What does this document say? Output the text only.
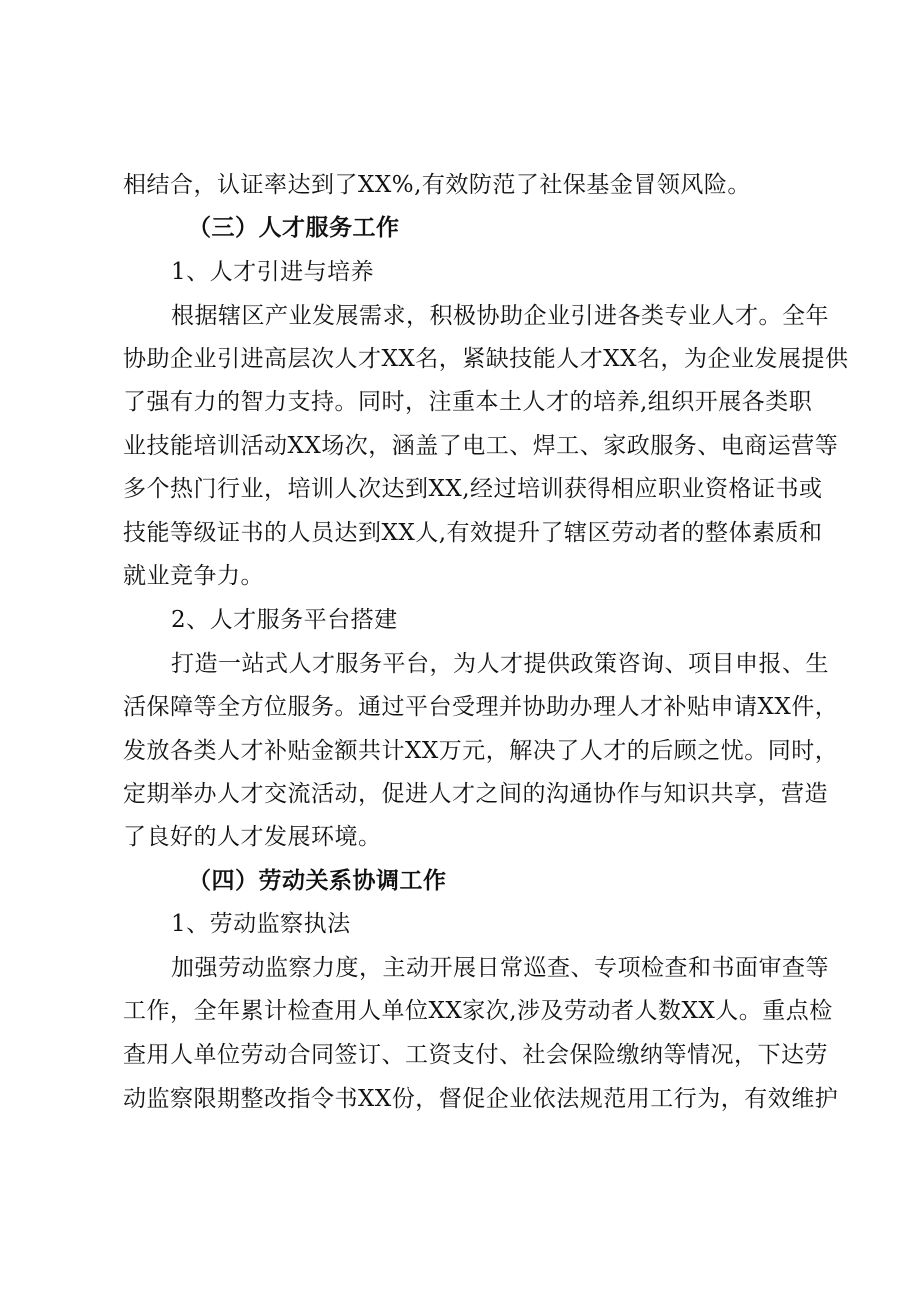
相结合，认证率达到了XX%,有效防范了社保基金冒领风险。
（三）人才服务工作
1、人才引进与培养
根据辖区产业发展需求，积极协助企业引进各类专业人才。全年
协助企业引进高层次人才XX名，紧缺技能人才XX名，为企业发展提供
了强有力的智力支持。同时，注重本土人才的培养,组织开展各类职
业技能培训活动XX场次，涵盖了电工、焊工、家政服务、电商运营等
多个热门行业，培训人次达到XX,经过培训获得相应职业资格证书或
技能等级证书的人员达到XX人,有效提升了辖区劳动者的整体素质和
就业竞争力。
2、人才服务平台搭建
打造一站式人才服务平台，为人才提供政策咨询、项目申报、生
活保障等全方位服务。通过平台受理并协助办理人才补贴申请XX件，
发放各类人才补贴金额共计XX万元，解决了人才的后顾之忧。同时，
定期举办人才交流活动，促进人才之间的沟通协作与知识共享，营造
了良好的人才发展环境。
（四）劳动关系协调工作
1、劳动监察执法
加强劳动监察力度，主动开展日常巡查、专项检查和书面审查等
工作，全年累计检查用人单位XX家次,涉及劳动者人数XX人。重点检
查用人单位劳动合同签订、工资支付、社会保险缴纳等情况，下达劳
动监察限期整改指令书XX份，督促企业依法规范用工行为，有效维护
